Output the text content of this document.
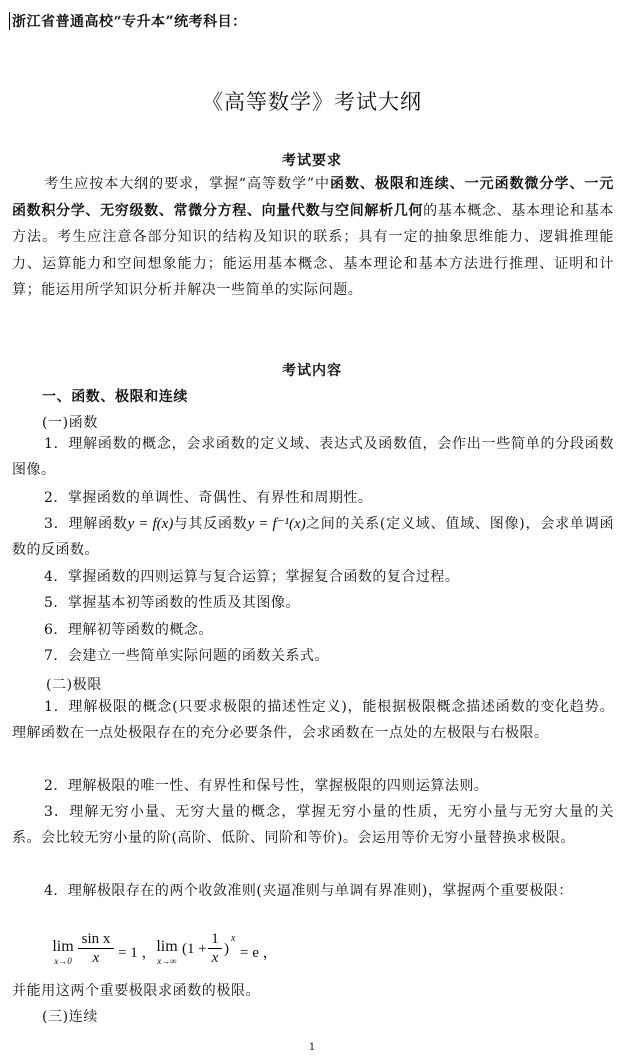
浙江省普通高校“专升本”统考科目：
《高等数学》考试大纲
考试要求

考生应按本大纲的要求，掌握“高等数学”中函数、极限和连续、一元函数微分学、一元函数积分学、无穷级数、常微分方程、向量代数与空间解析几何的基本概念、基本理论和基本方法。考生应注意各部分知识的结构及知识的联系；具有一定的抽象思维能力、逻辑推理能力、运算能力和空间想象能力；能运用基本概念、基本理论和基本方法进行推理、证明和计算；能运用所学知识分析并解决一些简单的实际问题。

考试内容
一、函数、极限和连续
(一)函数

1．理解函数的概念，会求函数的定义域、表达式及函数值，会作出一些简单的分段函数图像。

2．掌握函数的单调性、奇偶性、有界性和周期性。

3．理解函数y = f(x)与其反函数y = f⁻¹(x)之间的关系(定义域、值域、图像)，会求单调函数的反函数。

4．掌握函数的四则运算与复合运算；掌握复合函数的复合过程。

5．掌握基本初等函数的性质及其图像。

6．理解初等函数的概念。

7．会建立一些简单实际问题的函数关系式。

(二)极限

1．理解极限的概念(只要求极限的描述性定义)，能根据极限概念描述函数的变化趋势。理解函数在一点处极限存在的充分必要条件，会求函数在一点处的左极限与右极限。

2．理解极限的唯一性、有界性和保号性，掌握极限的四则运算法则。

3．理解无穷小量、无穷大量的概念，掌握无穷小量的性质，无穷小量与无穷大量的关系。会比较无穷小量的阶(高阶、低阶、同阶和等价)。会运用等价无穷小量替换求极限。

4．理解极限存在的两个收敛准则(夹逼准则与单调有界准则)，掌握两个重要极限：

lim
$x\to 0 \frac{\text{sin x}}{x} = 1$ ， lim
x→∞
($1 + \frac{1}{x}$ )
x
= e ，
并能用这两个重要极限求函数的极限。
(三)连续
1
